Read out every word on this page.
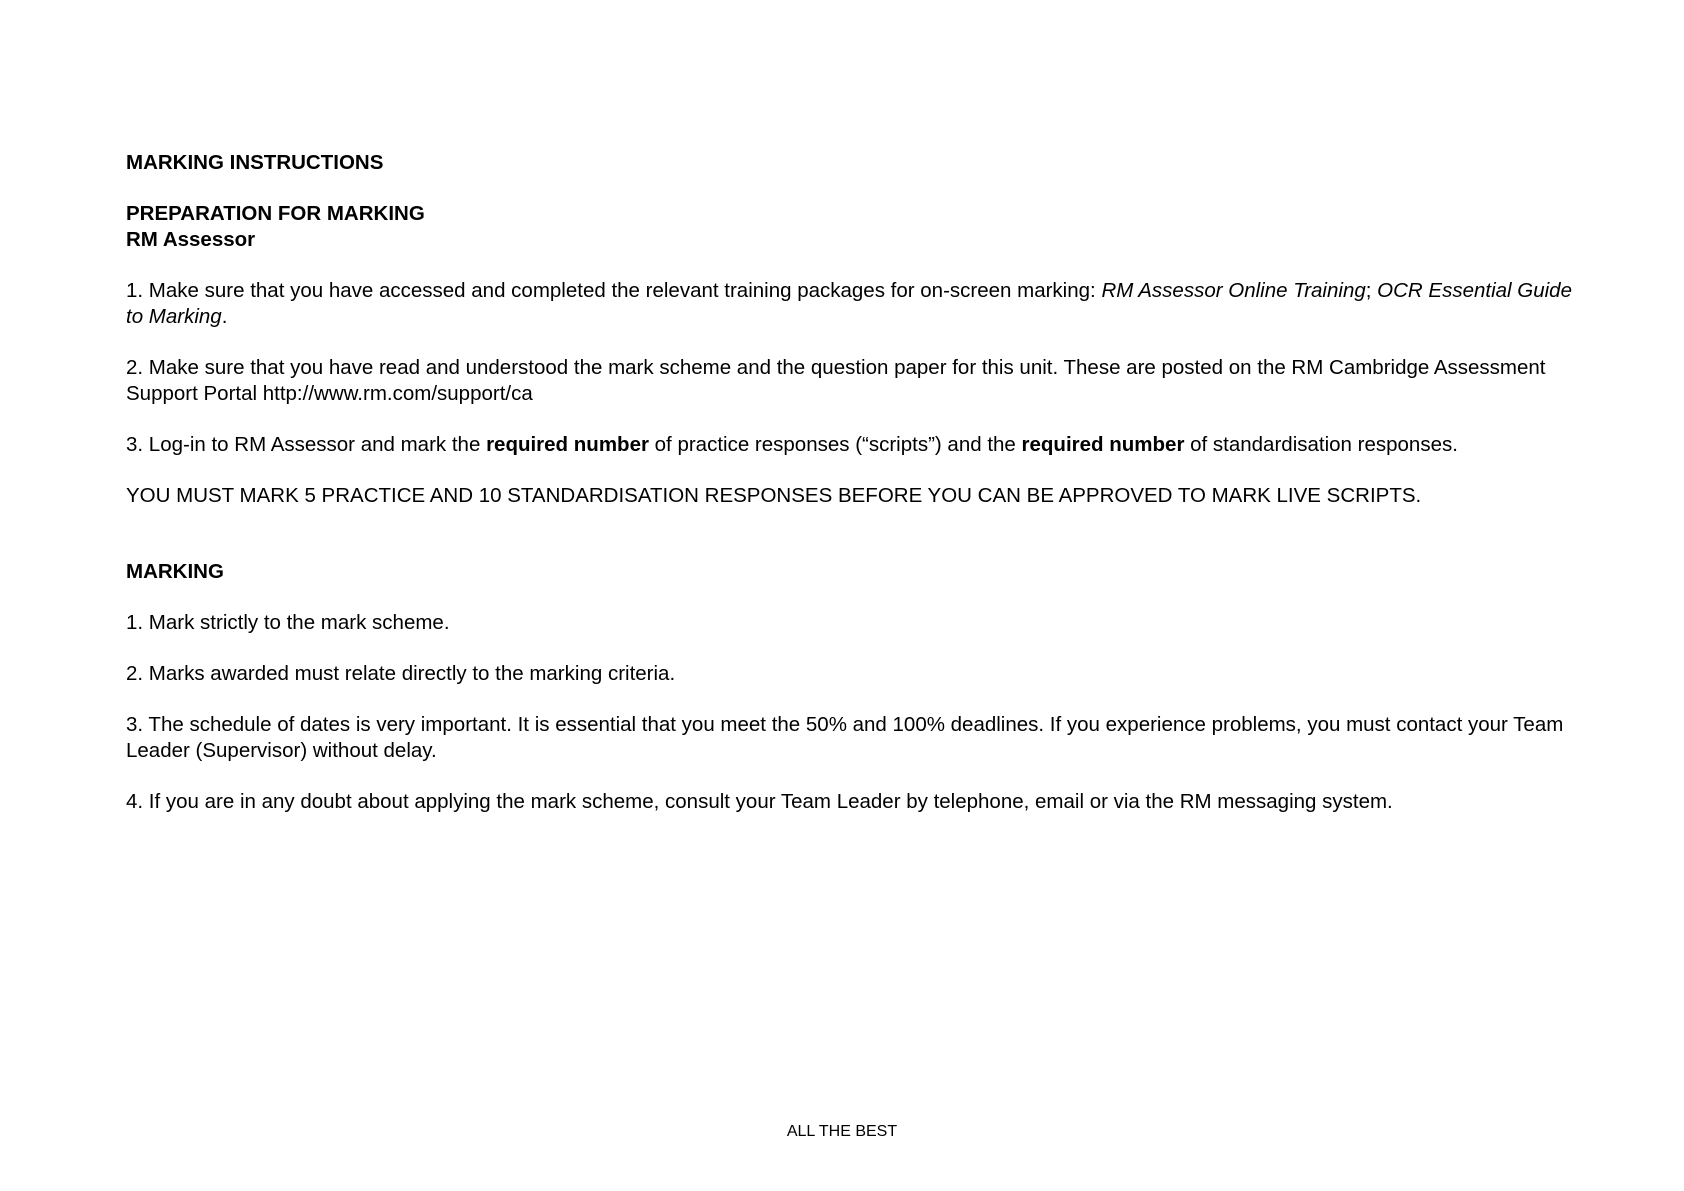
MARKING INSTRUCTIONS

PREPARATION FOR MARKING

RM Assessor

1. Make sure that you have accessed and completed the relevant training packages for on-screen marking: RM Assessor Online Training; OCR Essential Guide to Marking.

2. Make sure that you have read and understood the mark scheme and the question paper for this unit. These are posted on the RM Cambridge Assessment Support Portal http://www.rm.com/support/ca

3. Log-in to RM Assessor and mark the required number of practice responses (“scripts”) and the required number of standardisation responses.

YOU MUST MARK 5 PRACTICE AND 10 STANDARDISATION RESPONSES BEFORE YOU CAN BE APPROVED TO MARK LIVE SCRIPTS.

MARKING

1. Mark strictly to the mark scheme.

2. Marks awarded must relate directly to the marking criteria.

3. The schedule of dates is very important. It is essential that you meet the 50% and 100% deadlines. If you experience problems, you must contact your Team Leader (Supervisor) without delay.

4. If you are in any doubt about applying the mark scheme, consult your Team Leader by telephone, email or via the RM messaging system.

ALL THE BEST
